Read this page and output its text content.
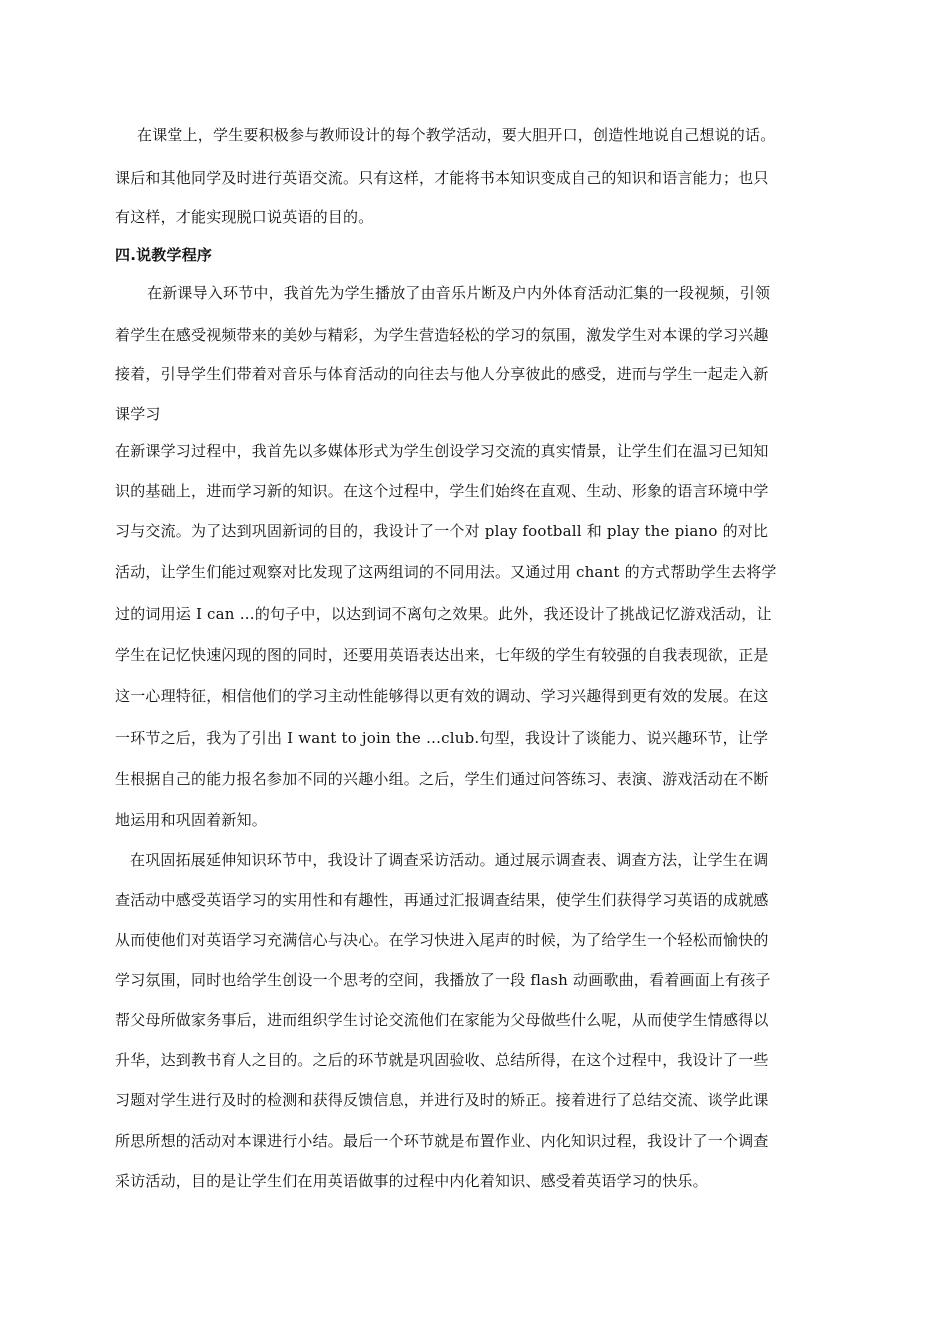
在课堂上，学生要积极参与教师设计的每个教学活动，要大胆开口，创造性地说自己想说的话。
课后和其他同学及时进行英语交流。只有这样，才能将书本知识变成自己的知识和语言能力；也只
有这样，才能实现脱口说英语的目的。
四.说教学程序
在新课导入环节中，我首先为学生播放了由音乐片断及户内外体育活动汇集的一段视频，引领
着学生在感受视频带来的美妙与精彩，为学生营造轻松的学习的氛围，激发学生对本课的学习兴趣
接着，引导学生们带着对音乐与体育活动的向往去与他人分享彼此的感受，进而与学生一起走入新
课学习
在新课学习过程中，我首先以多媒体形式为学生创设学习交流的真实情景，让学生们在温习已知知
识的基础上，进而学习新的知识。在这个过程中，学生们始终在直观、生动、形象的语言环境中学
习与交流。为了达到巩固新词的目的，我设计了一个对 play football 和 play the piano 的对比
活动，让学生们能过观察对比发现了这两组词的不同用法。又通过用 chant 的方式帮助学生去将学
过的词用运 I can …的句子中，以达到词不离句之效果。此外，我还设计了挑战记忆游戏活动，让
学生在记忆快速闪现的图的同时，还要用英语表达出来，七年级的学生有较强的自我表现欲，正是
这一心理特征，相信他们的学习主动性能够得以更有效的调动、学习兴趣得到更有效的发展。在这
一环节之后，我为了引出 I want to join the …club.句型，我设计了谈能力、说兴趣环节，让学
生根据自己的能力报名参加不同的兴趣小组。之后，学生们通过问答练习、表演、游戏活动在不断
地运用和巩固着新知。
在巩固拓展延伸知识环节中，我设计了调查采访活动。通过展示调查表、调查方法，让学生在调
查活动中感受英语学习的实用性和有趣性，再通过汇报调查结果，使学生们获得学习英语的成就感
从而使他们对英语学习充满信心与决心。在学习快进入尾声的时候，为了给学生一个轻松而愉快的
学习氛围，同时也给学生创设一个思考的空间，我播放了一段 flash 动画歌曲，看着画面上有孩子
帮父母所做家务事后，进而组织学生讨论交流他们在家能为父母做些什么呢，从而使学生情感得以
升华，达到教书育人之目的。之后的环节就是巩固验收、总结所得，在这个过程中，我设计了一些
习题对学生进行及时的检测和获得反馈信息，并进行及时的矫正。接着进行了总结交流、谈学此课
所思所想的活动对本课进行小结。最后一个环节就是布置作业、内化知识过程，我设计了一个调查
采访活动，目的是让学生们在用英语做事的过程中内化着知识、感受着英语学习的快乐。
